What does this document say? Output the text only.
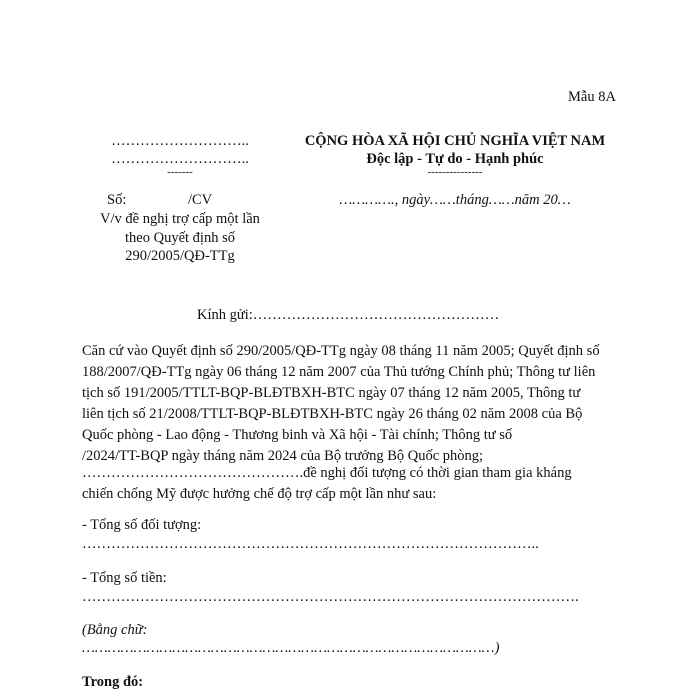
Mẫu 8A
………………………..
………………………..
-------
Số:	/CV
V/v đề nghị trợ cấp một lần
theo Quyết định số
290/2005/QĐ-TTg
CỘNG HÒA XÃ HỘI CHỦ NGHĨA VIỆT NAM
Độc lập - Tự do - Hạnh phúc
---------------
…………., ngày……tháng……năm 20…
Kính gửi:……………………………………………
Căn cứ vào Quyết định số 290/2005/QĐ-TTg ngày 08 tháng 11 năm 2005; Quyết định số
188/2007/QĐ-TTg ngày 06 tháng 12 năm 2007 của Thủ tướng Chính phủ; Thông tư liên
tịch số 191/2005/TTLT-BQP-BLĐTBXH-BTC ngày 07 tháng 12 năm 2005, Thông tư
liên tịch số 21/2008/TTLT-BQP-BLĐTBXH-BTC ngày 26 tháng 02 năm 2008 của Bộ
Quốc phòng - Lao động - Thương binh và Xã hội - Tài chính; Thông tư số
/2024/TT-BQP ngày tháng năm 2024 của Bộ trưởng Bộ Quốc phòng;
……………………………………….đề nghị đối tượng có thời gian tham gia kháng
chiến chống Mỹ được hưởng chế độ trợ cấp một lần như sau:
- Tổng số đối tượng:
…………………………………………………………………………………..
- Tổng số tiền:
………………………………………………………………………………………….
(Bằng chữ:
……………………………………………………………………………………)
Trong đó:
